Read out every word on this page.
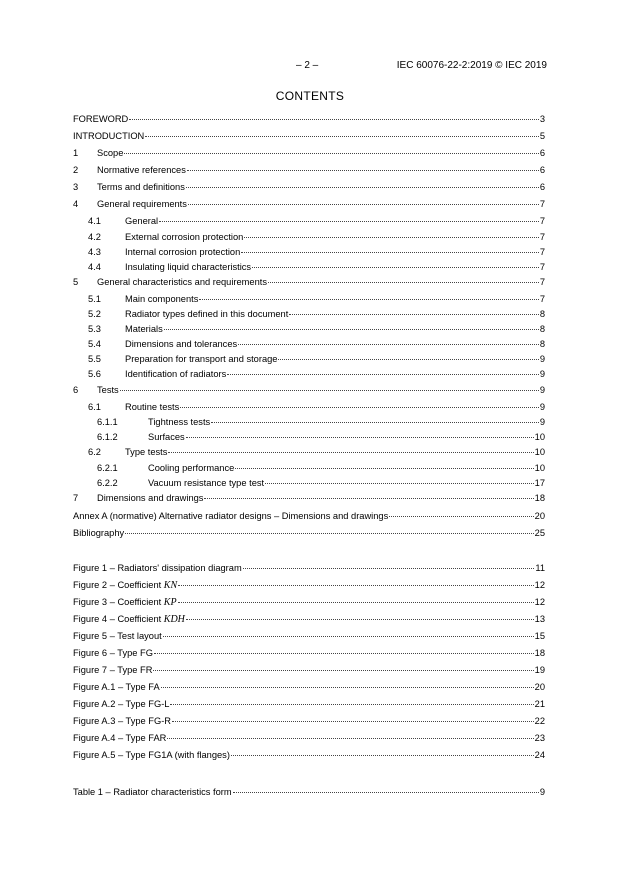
– 2 –	IEC 60076-22-2:2019 © IEC 2019
CONTENTS
FOREWORD	3
INTRODUCTION	5
1	Scope	6
2	Normative references	6
3	Terms and definitions	6
4	General requirements	7
4.1	General	7
4.2	External corrosion protection	7
4.3	Internal corrosion protection	7
4.4	Insulating liquid characteristics	7
5	General characteristics and requirements	7
5.1	Main components	7
5.2	Radiator types defined in this document	8
5.3	Materials	8
5.4	Dimensions and tolerances	8
5.5	Preparation for transport and storage	9
5.6	Identification of radiators	9
6	Tests	9
6.1	Routine tests	9
6.1.1	Tightness tests	9
6.1.2	Surfaces	10
6.2	Type tests	10
6.2.1	Cooling performance	10
6.2.2	Vacuum resistance type test	17
7	Dimensions and drawings	18
Annex A (normative) Alternative radiator designs – Dimensions and drawings	20
Bibliography	25
Figure 1 – Radiators' dissipation diagram	11
Figure 2 – Coefficient KN	12
Figure 3 – Coefficient KP	12
Figure 4 – Coefficient KDH	13
Figure 5 – Test layout	15
Figure 6 – Type FG	18
Figure 7 – Type FR	19
Figure A.1 – Type FA	20
Figure A.2 – Type FG-L	21
Figure A.3 – Type FG-R	22
Figure A.4 – Type FAR	23
Figure A.5 – Type FG1A (with flanges)	24
Table 1 – Radiator characteristics form	9
